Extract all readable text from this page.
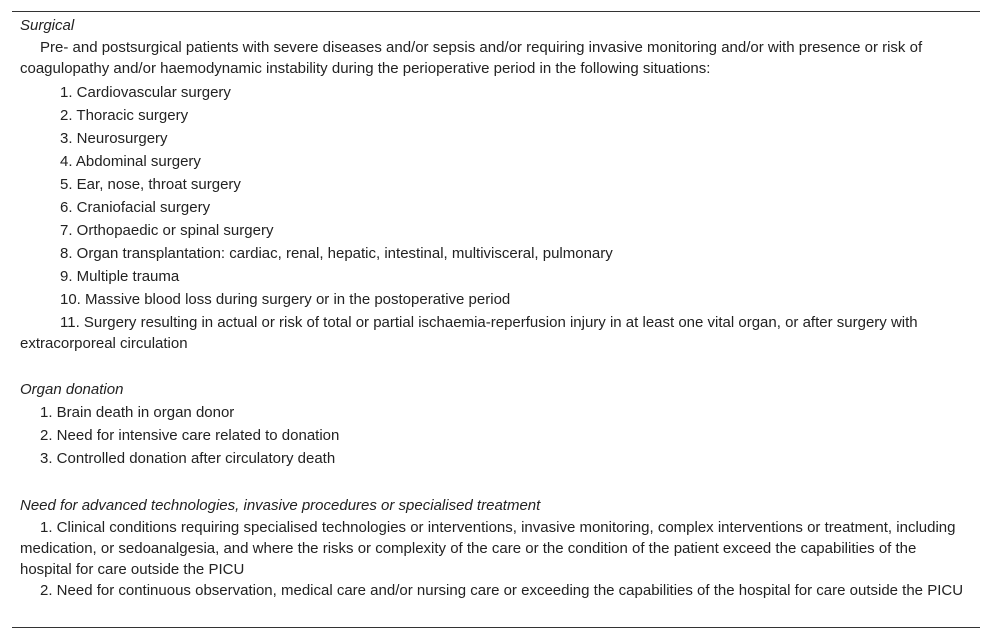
Surgical
Pre- and postsurgical patients with severe diseases and/or sepsis and/or requiring invasive monitoring and/or with presence or risk of coagulopathy and/or haemodynamic instability during the perioperative period in the following situations:
1. Cardiovascular surgery
2. Thoracic surgery
3. Neurosurgery
4. Abdominal surgery
5. Ear, nose, throat surgery
6. Craniofacial surgery
7. Orthopaedic or spinal surgery
8. Organ transplantation: cardiac, renal, hepatic, intestinal, multivisceral, pulmonary
9. Multiple trauma
10. Massive blood loss during surgery or in the postoperative period
11. Surgery resulting in actual or risk of total or partial ischaemia-reperfusion injury in at least one vital organ, or after surgery with extracorporeal circulation
Organ donation
1. Brain death in organ donor
2. Need for intensive care related to donation
3. Controlled donation after circulatory death
Need for advanced technologies, invasive procedures or specialised treatment
1. Clinical conditions requiring specialised technologies or interventions, invasive monitoring, complex interventions or treatment, including medication, or sedoanalgesia, and where the risks or complexity of the care or the condition of the patient exceed the capabilities of the hospital for care outside the PICU
2. Need for continuous observation, medical care and/or nursing care or exceeding the capabilities of the hospital for care outside the PICU
